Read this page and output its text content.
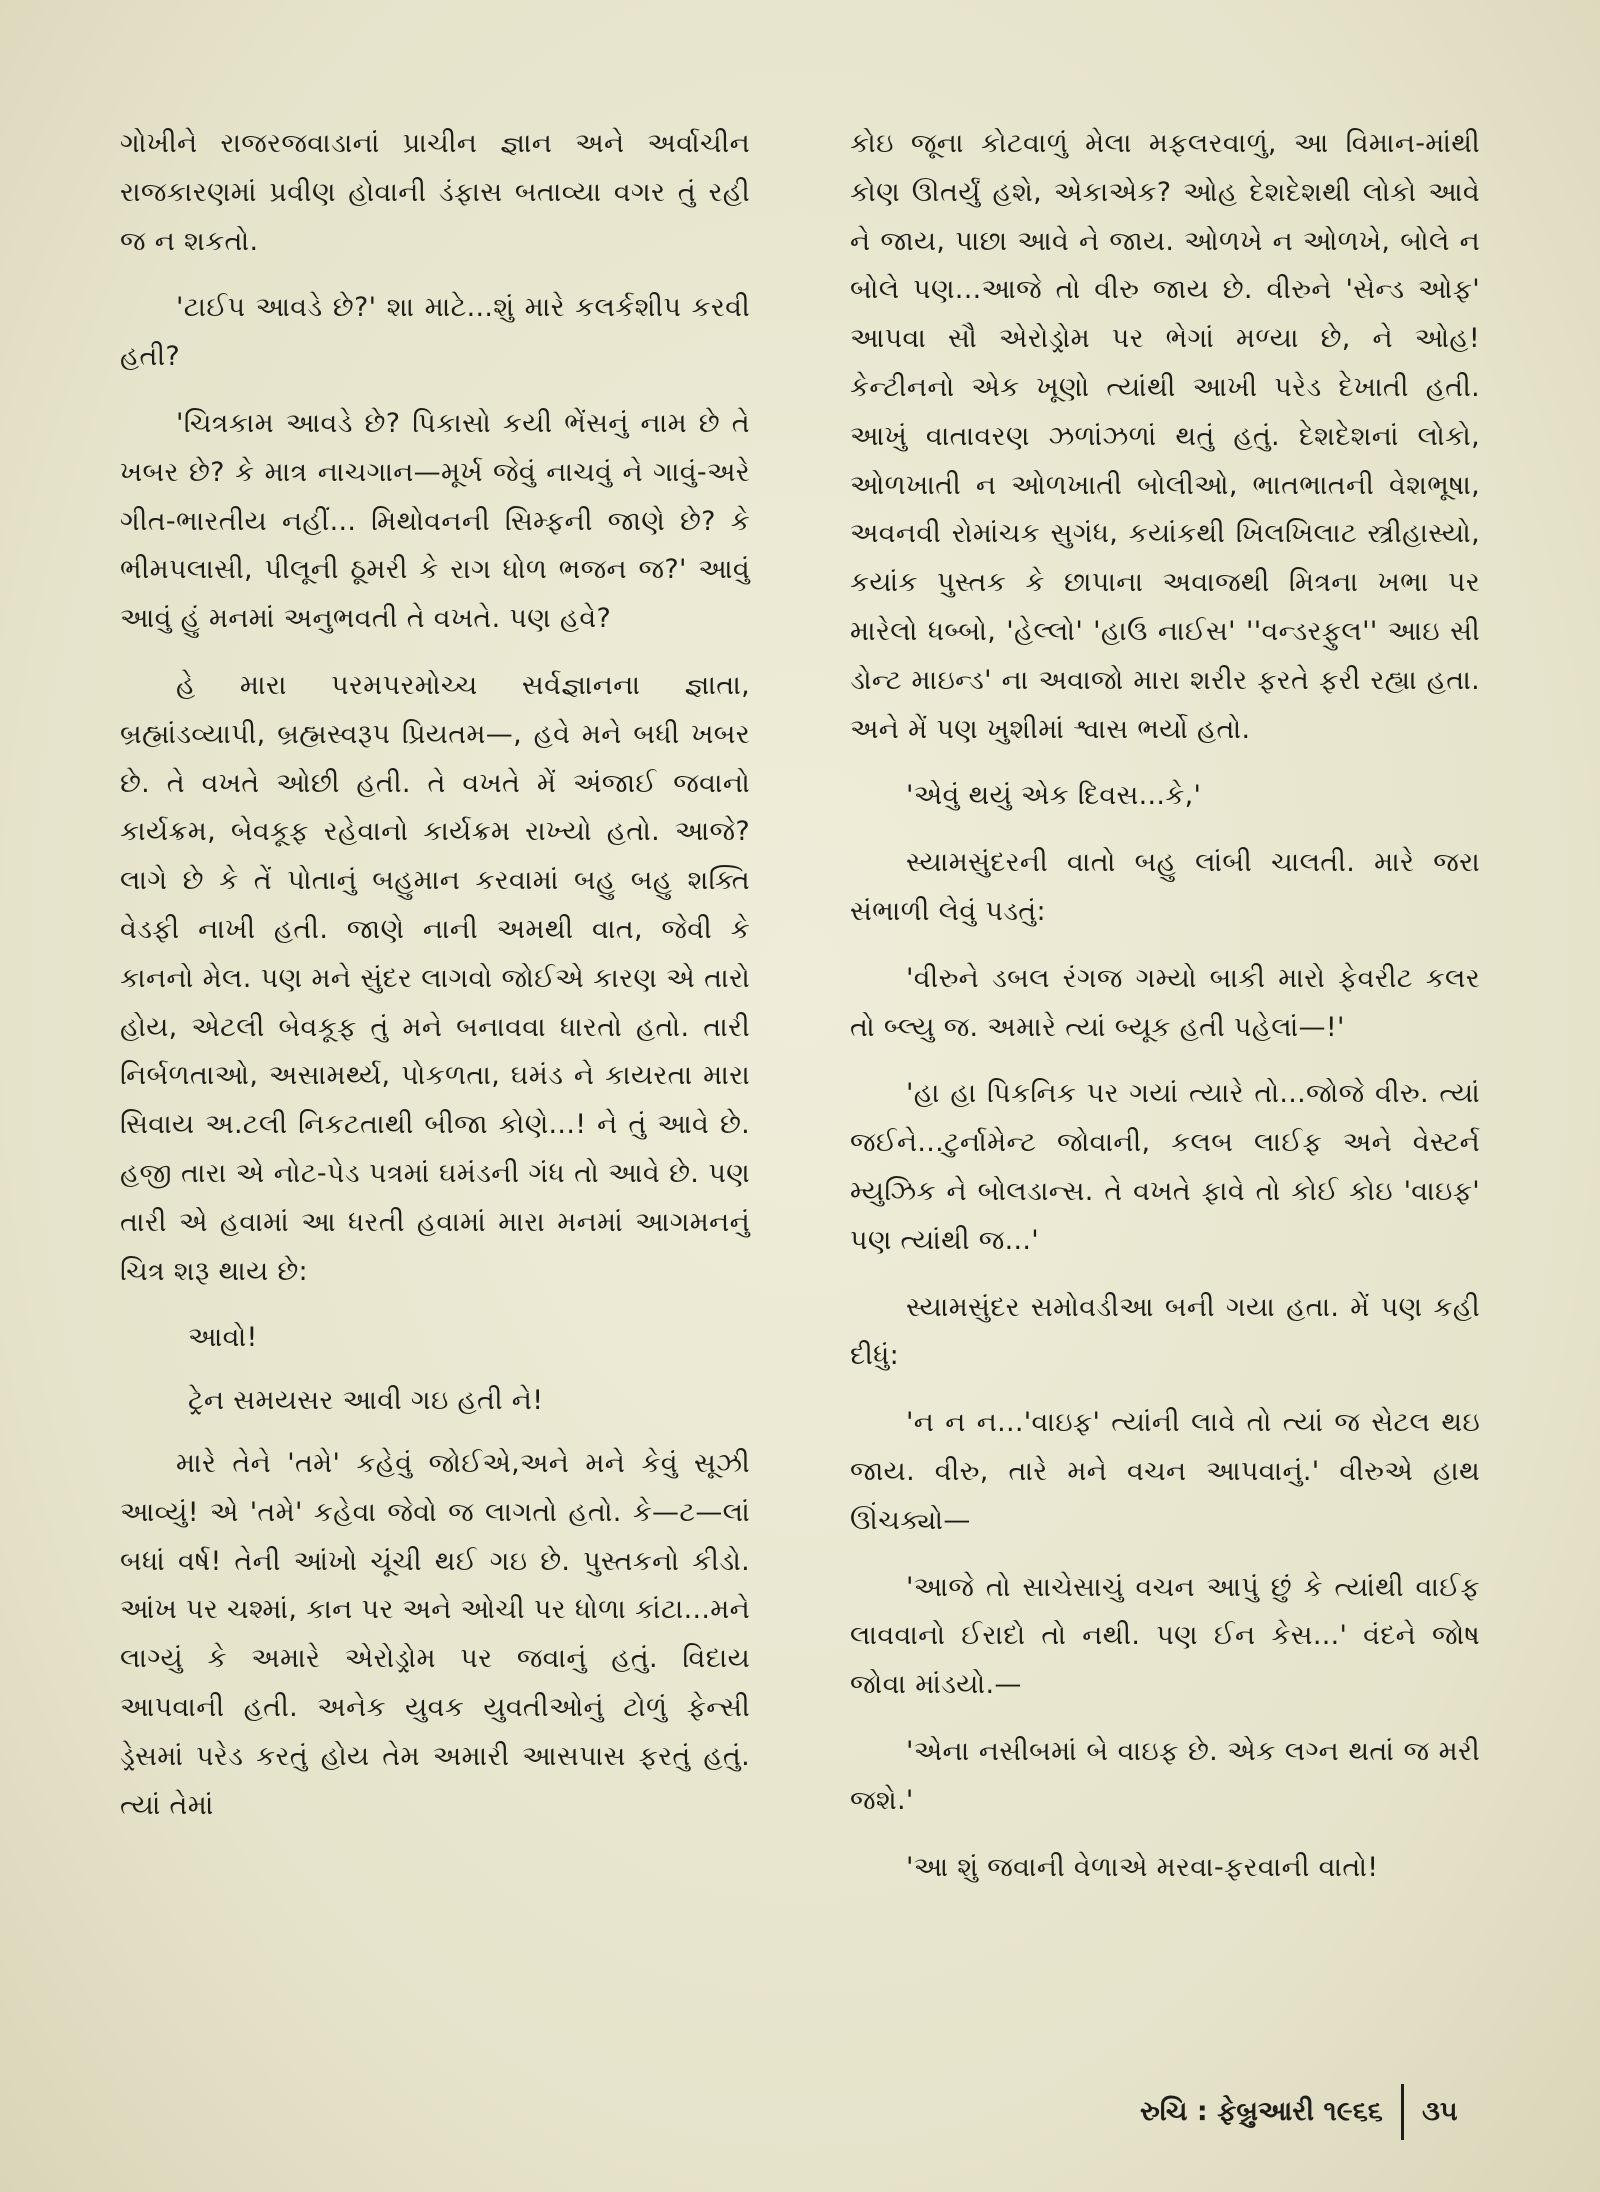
ગોખીને રાજરજવાડાનાં પ્રાચીન જ્ઞાન અને અર્વાચીન રાજકારણમાં પ્રવીણ હોવાની ડંફાસ બતાવ્યા વગર તું રહી જ ન શકતો.

'ટાઈપ આવડે છે?' શા માટે...શું મારે કલર્કશીપ કરવી હતી?

'ચિત્રકામ આવડે છે? પિકાસો કયી ભેંસનું નામ છે તે ખબર છે? કે માત્ર નાચગાન—મૂર્ખ જેવું નાચવું ને ગાવું-અરે ગીત-ભારતીય નહીં... મિથોવનની સિમ્ફની જાણે છે? કે ભીમપલાસી, પીલૂની ઠૂમરી કે રાગ ધોળ ભજન જ?' આવું આવું હું મનમાં અનુભવતી તે વખતે. પણ હવે?

હે મારા પરમપરમોચ્ચ સર્વજ્ઞાનના જ્ઞાતા, બ્રહ્માંડવ્યાપી, બ્રહ્મસ્વરૂપ પ્રિયતમ—, હવે મને બધી ખબર છે. તે વખતે ઓછી હતી. તે વખતે મેં અંજાઈ જવાનો કાર્યક્રમ, બેવકૂફ રહેવાનો કાર્યક્રમ રાખ્યો હતો. આજે? લાગે છે કે તેં પોતાનું બહુમાન કરવામાં બહુ બહુ શક્તિ વેડફી નાખી હતી. જાણે નાની અમથી વાત, જેવી કે કાનનો મેલ. પણ મને સુંદર લાગવો જોઈએ કારણ એ તારો હોય, એટલી બેવકૂફ તું મને બનાવવા ધારતો હતો. તારી નિર્બળતાઓ, અસામર્થ્ય, પોકળતા, ઘમંડ ને કાયરતા મારા સિવાય અ.ટલી નિકટતાથી બીજા કોણે...! ને તું આવે છે. હજી તારા એ નોટ-પેડ પત્રમાં ઘમંડની ગંધ તો આવે છે. પણ તારી એ હવામાં આ ધરતી હવામાં મારા મનમાં આગમનનું ચિત્ર શરૂ થાય છે:

આવો!

ટ્રેન સમયસર આવી ગઇ હતી ને!

મારે તેને 'તમે' કહેવું જોઈએ,અને મને કેવું સૂઝી આવ્યું! એ 'તમે' કહેવા જેવો જ લાગતો હતો. કે—ટ—લાં બધાં વર્ષ! તેની આંખો ચૂંચી થઈ ગઇ છે. પુસ્તકનો કીડો. આંખ પર ચશ્માં, કાન પર અને ઓચી પર ધોળા કાંટા...મને લાગ્યું કે અમારે એરોડ્રોમ પર જવાનું હતું. વિદાય આપવાની હતી. અનેક યુવક યુવતીઓનું ટોળું ફેન્સી ડ્રેસમાં પરેડ કરતું હોય તેમ અમારી આસપાસ ફરતું હતું. ત્યાં તેમાં

કોઇ જૂના કોટવાળું મેલા મફલરવાળું, આ વિમાન-માંથી કોણ ઊતર્યું હશે, એકાએક? ઓહ દેશદેશથી લોકો આવે ને જાય, પાછા આવે ને જાય. ઓળખે ન ઓળખે, બોલે ન બોલે પણ...આજે તો વીરુ જાય છે. વીરુને 'સેન્ડ ઓફ' આપવા સૌ એરોડ્રોમ પર ભેગાં મળ્યા છે, ને ઓહ! કેન્ટીનનો એક ખૂણો ત્યાંથી આખી પરેડ દેખાતી હતી. આખું વાતાવરણ ઝળાંઝળાં થતું હતું. દેશદેશનાં લોકો, ઓળખાતી ન ઓળખાતી બોલીઓ, ભાતભાતની વેશભૂષા, અવનવી રોમાંચક સુગંધ, કયાંકથી ખિલખિલાટ સ્ત્રીહાસ્યો, કયાંક પુસ્તક કે છાપાના અવાજથી મિત્રના ખભા પર મારેલો ધબ્બો, 'હેલ્લો' 'હાઉ નાઈસ' ''વન્ડરફુલ'' આઇ સી ડોન્ટ માઇન્ડ' ના અવાજો મારા શરીર ફરતે ફરી રહ્યા હતા. અને મેં પણ ખુશીમાં શ્વાસ ભર્યો હતો.

'એવું થયું એક દિવસ...કે,'

સ્યામસુંદરની વાતો બહુ લાંબી ચાલતી. મારે જરા સંભાળી લેવું પડતું:

'વીરુને ડબલ રંગજ ગમ્યો બાકી મારો ફેવરીટ કલર તો બ્લ્યુ જ. અમારે ત્યાં બ્યૂક હતી પહેલાં—!'

'હા હા પિકનિક પર ગયાં ત્યારે તો...જોજે વીરુ. ત્યાં જઈને...ટુર્નામેન્ટ જોવાની, કલબ લાઈફ અને વેસ્ટર્ન મ્યુઝિક ને બોલડાન્સ. તે વખતે ફાવે તો કોઈ કોઇ 'વાઇફ' પણ ત્યાંથી જ...'

સ્યામસુંદર સમોવડીઆ બની ગયા હતા. મેં પણ કહી દીધું:

'ન ન ન...'વાઇફ' ત્યાંની લાવે તો ત્યાં જ સેટલ થઇ જાય. વીરુ, તારે મને વચન આપવાનું.' વીરુએ હાથ ઊંચક્યો—

'આજે તો સાચેસાચું વચન આપું છું કે ત્યાંથી વાઈફ લાવવાનો ઈરાદો તો નથી. પણ ઈન કેસ...' વંદને જોષ જોવા માંડયો.—

'એના નસીબમાં બે વાઇફ છે. એક લગ્ન થતાં જ મરી જશે.'

'આ શું જવાની વેળાએ મરવા-ફરવાની વાતો!

રુચિ : ફેબ્રુઆરી ૧૯૬૬ ૩૫
